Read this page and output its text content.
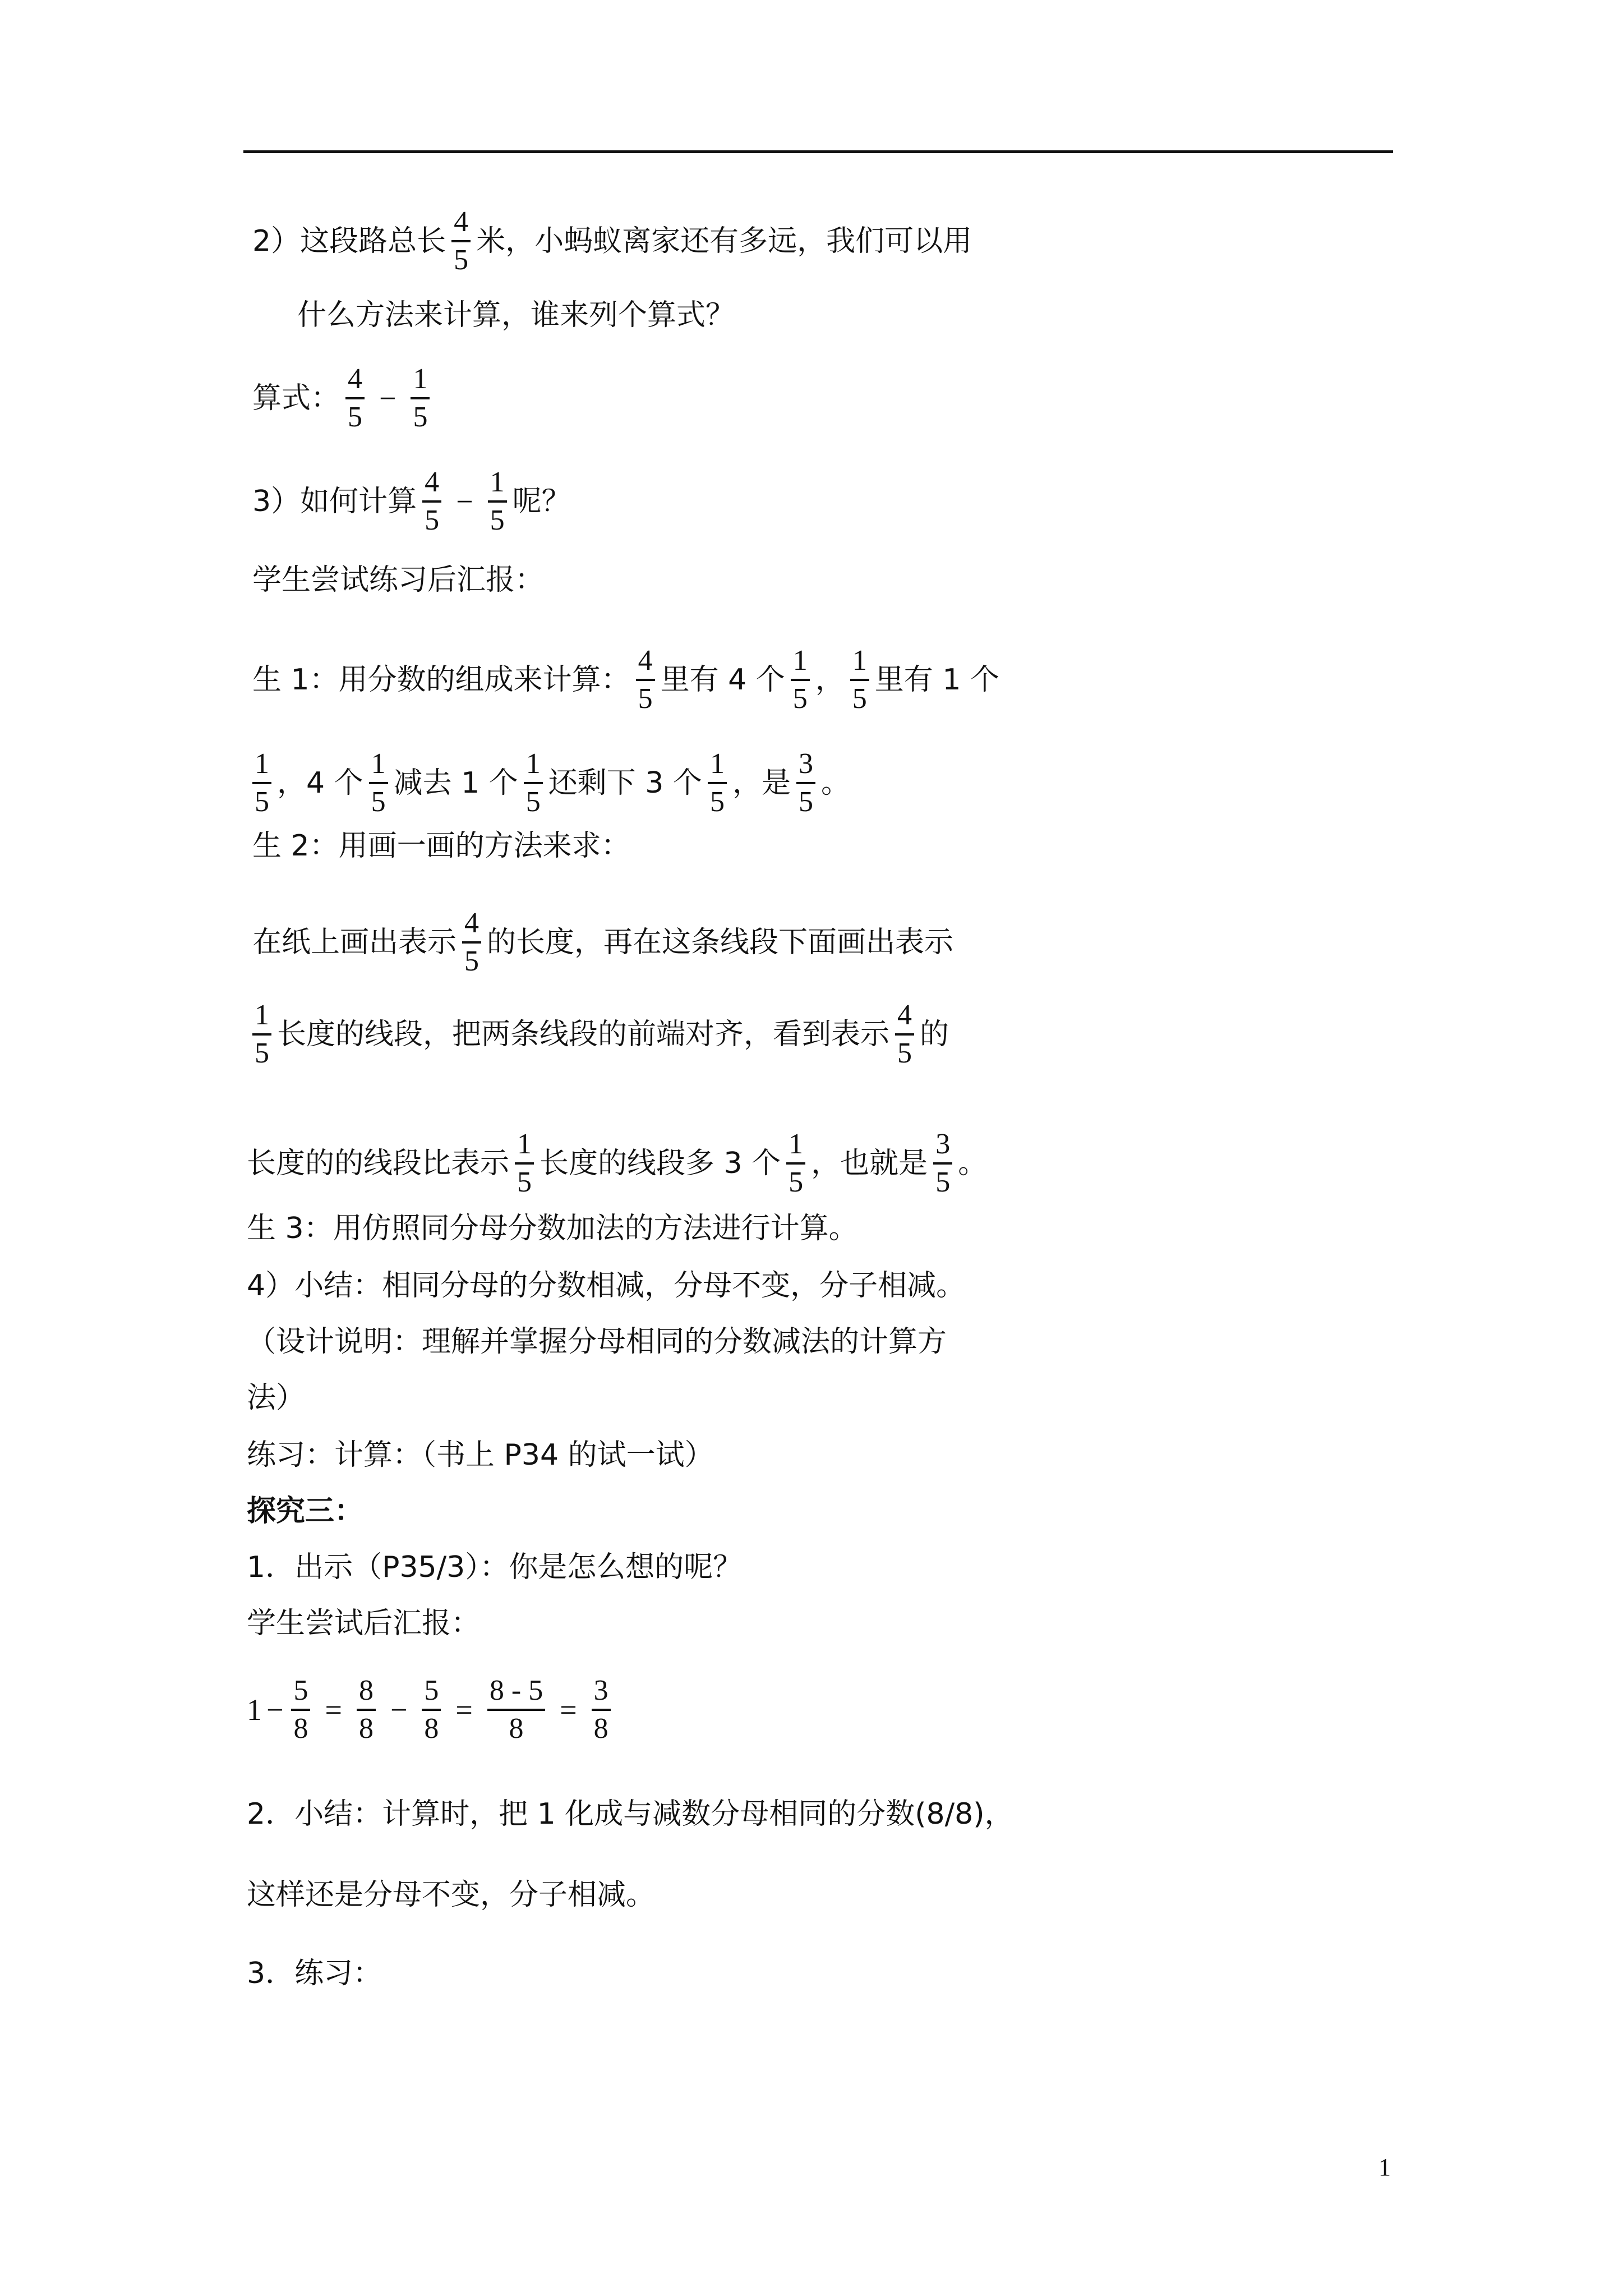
2）这段路总长 $\frac{4}{5}$ 米，小蚂蚁离家还有多远，我们可以用
什么方法来计算，谁来列个算式？
算式： $\frac{4}{5} - \frac{1}{5}$
3）如何计算 $\frac{4}{5} - \frac{1}{5}$ 呢？
学生尝试练习后汇报：
生 1：用分数的组成来计算： $\frac{4}{5}$ 里有 4 个 $\frac{1}{5}$ ， $\frac{1}{5}$ 里有 1 个
$\frac{1}{5}$ ，4 个 $\frac{1}{5}$ 减去 1 个 $\frac{1}{5}$ 还剩下 3 个 $\frac{1}{5}$ ，是 $\frac{3}{5}$ 。
生 2：用画一画的方法来求：
在纸上画出表示 $\frac{4}{5}$ 的长度，再在这条线段下面画出表示
$\frac{1}{5}$ 长度的线段，把两条线段的前端对齐，看到表示 $\frac{4}{5}$ 的
长度的的线段比表示 $\frac{1}{5}$ 长度的线段多 3 个 $\frac{1}{5}$ ，也就是 $\frac{3}{5}$ 。
生 3：用仿照同分母分数加法的方法进行计算。
4）小结：相同分母的分数相减，分母不变，分子相减。
（设计说明：理解并掌握分母相同的分数减法的计算方
法）
练习：计算：（书上 P34 的试一试）
探究三：
1．出示（P35/3）：你是怎么想的呢？
学生尝试后汇报：
$1 - \frac{5}{8} = \frac{8}{8} - \frac{5}{8} = \frac{8 - 5}{8} = \frac{3}{8}$
2．小结：计算时，把 1 化成与减数分母相同的分数(8/8)，
这样还是分母不变，分子相减。
3．练习：
1
